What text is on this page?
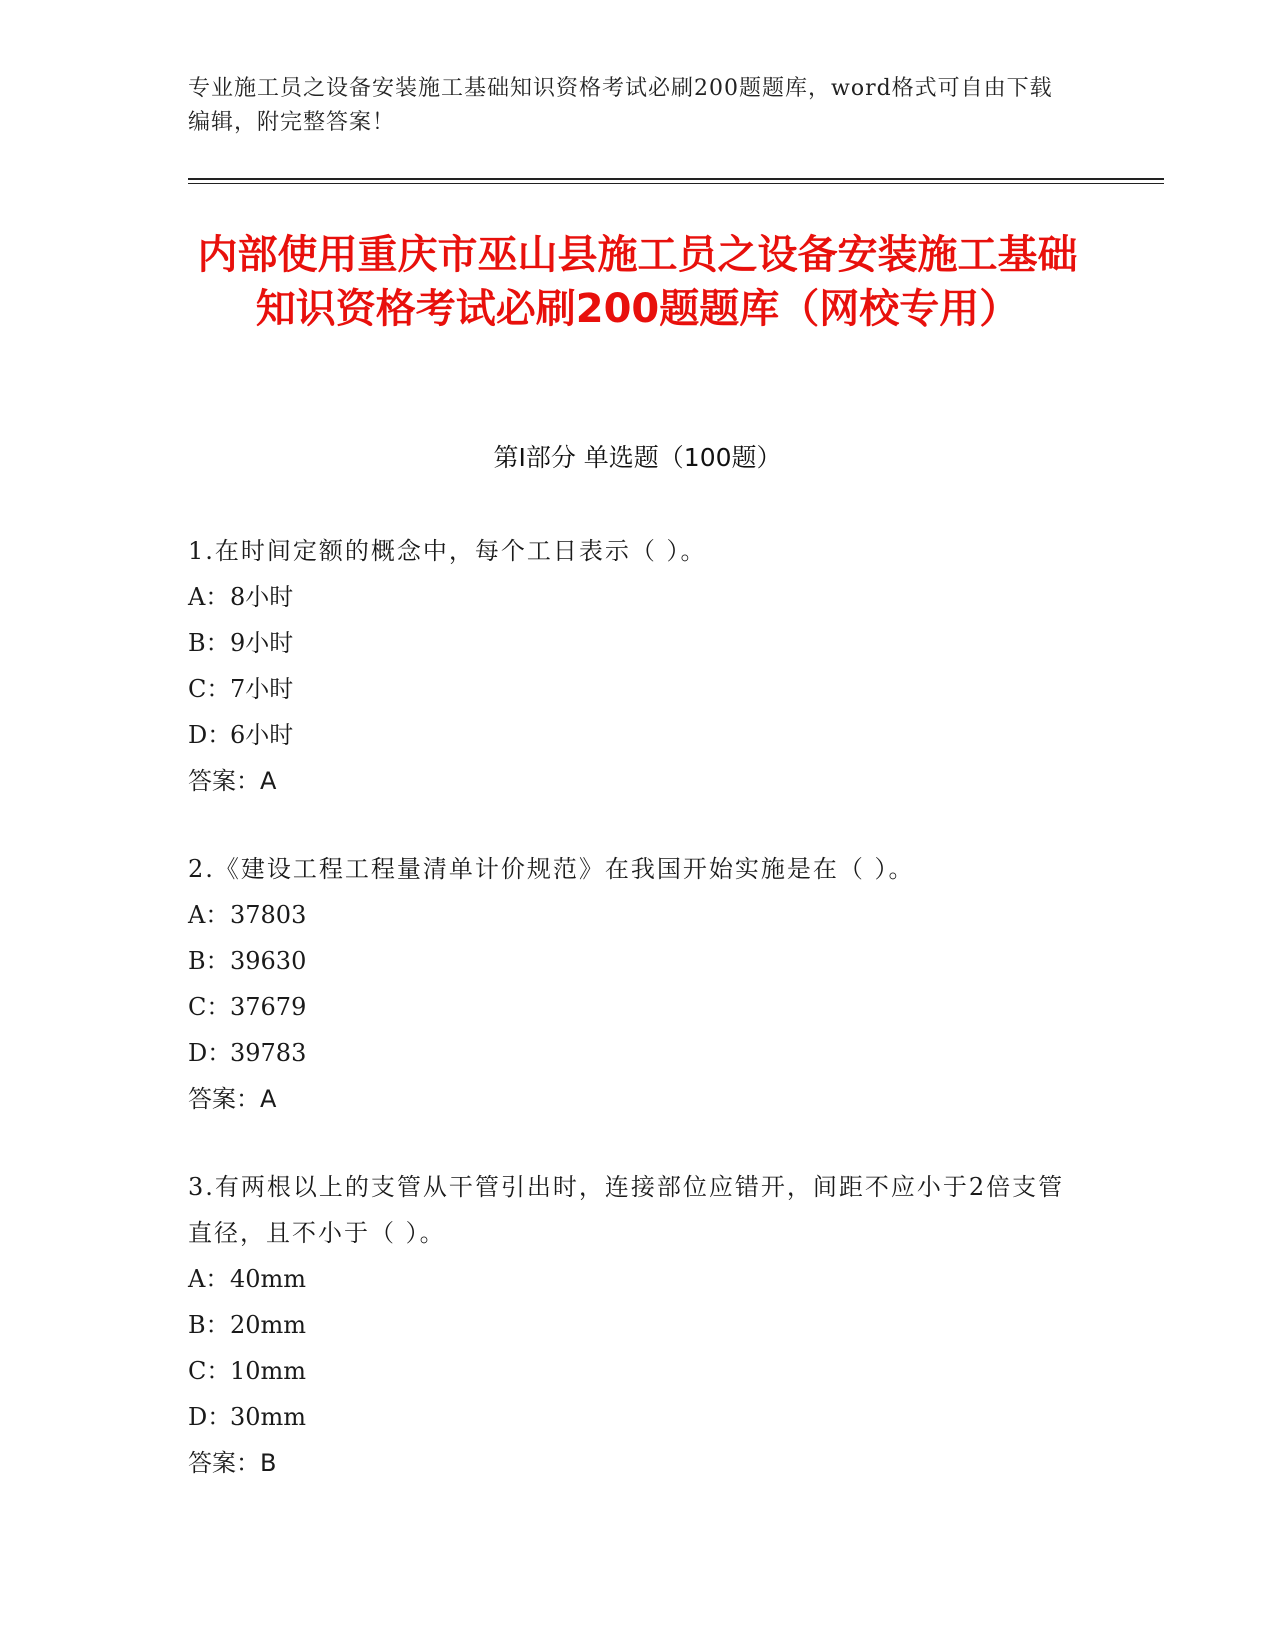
专业施工员之设备安装施工基础知识资格考试必刷200题题库，word格式可自由下载编辑，附完整答案！
内部使用重庆市巫山县施工员之设备安装施工基础知识资格考试必刷200题题库（网校专用）
第I部分 单选题（100题）
1.在时间定额的概念中，每个工日表示（ ）。
A： 8小时
B： 9小时
C： 7小时
D：
6小时
答案：A
2.《建设工程工程量清单计价规范》在我国开始实施是在（ ）。
A： 37803
B： 39630
C： 37679
D：
39783
答案：A
3.有两根以上的支管从干管引出时，连接部位应错开，间距不应小于2倍支管直径，且不小于（ ）。
A： 40mm
B： 20mm
C： 10mm
D：
30mm
答案：B
